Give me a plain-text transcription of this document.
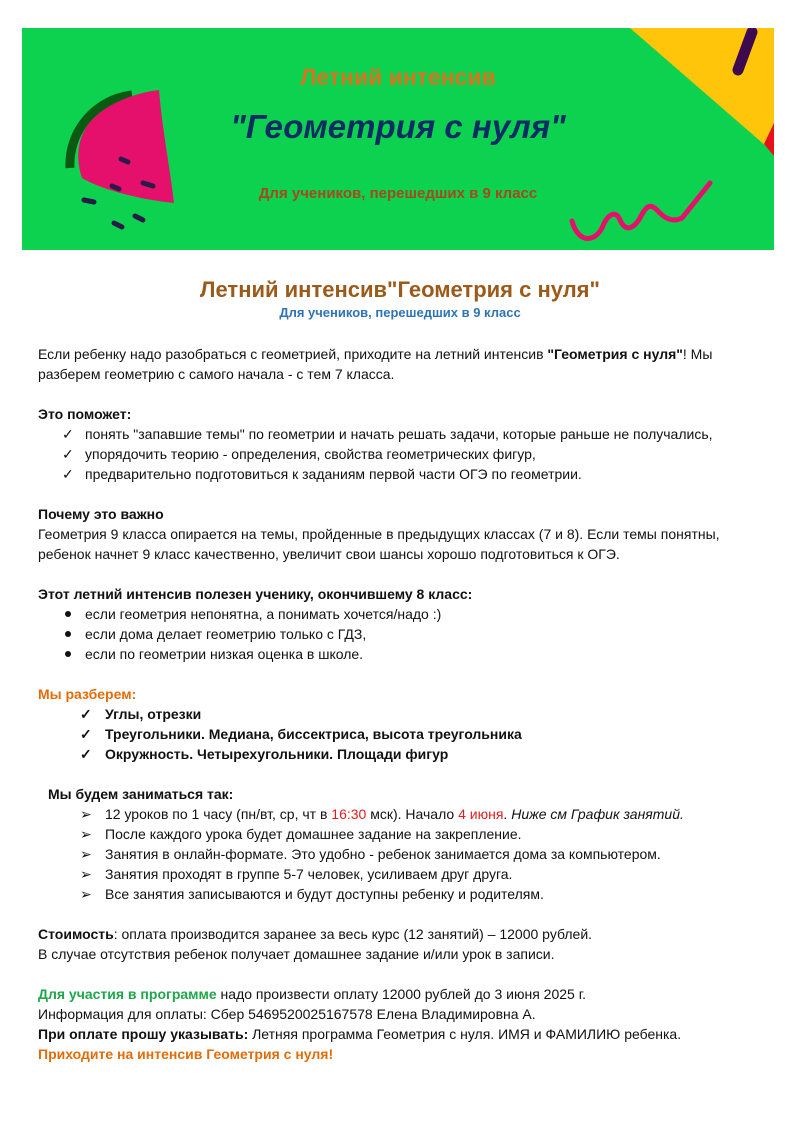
Летний интенсив
"Геометрия с нуля"
Для учеников, перешедших в 9 класс
Летний интенсив"Геометрия с нуля"
Для учеников, перешедших в 9 класс

Если ребенку надо разобраться с геометрией, приходите на летний интенсив "Геометрия с нуля"! Мы разберем геометрию с самого начала - с тем 7 класса.

Это поможет:

✓ понять "запавшие темы" по геометрии и начать решать задачи, которые раньше не получались,
✓ упорядочить теорию - определения, свойства геометрических фигур,
✓ предварительно подготовиться к заданиям первой части ОГЭ по геометрии.

Почему это важно

Геометрия 9 класса опирается на темы, пройденные в предыдущих классах (7 и 8). Если темы понятны, ребенок начнет 9 класс качественно, увеличит свои шансы хорошо подготовиться к ОГЭ.

Этот летний интенсив полезен ученику, окончившему 8 класс:

если геометрия непонятна, а понимать хочется/надо :)
если дома делает геометрию только с ГДЗ,
если по геометрии низкая оценка в школе.

Мы разберем:

✓ Углы, отрезки
✓ Треугольники. Медиана, биссектриса, высота треугольника
✓ Окружность. Четырехугольники. Площади фигур

Мы будем заниматься так:

➢ 12 уроков по 1 часу (пн/вт, ср, чт в 16:30 мск). Начало 4 июня. Ниже см График занятий.
➢ После каждого урока будет домашнее задание на закрепление.
➢ Занятия в онлайн-формате. Это удобно - ребенок занимается дома за компьютером.
➢ Занятия проходят в группе 5-7 человек, усиливаем друг друга.
➢ Все занятия записываются и будут доступны ребенку и родителям.

Стоимость: оплата производится заранее за весь курс (12 занятий) – 12000 рублей.

В случае отсутствия ребенок получает домашнее задание и/или урок в записи.

Для участия в программе надо произвести оплату 12000 рублей до 3 июня 2025 г.

Информация для оплаты: Сбер 5469520025167578 Елена Владимировна А.

При оплате прошу указывать: Летняя программа Геометрия с нуля. ИМЯ и ФАМИЛИЮ ребенка.

Приходите на интенсив Геометрия с нуля!
